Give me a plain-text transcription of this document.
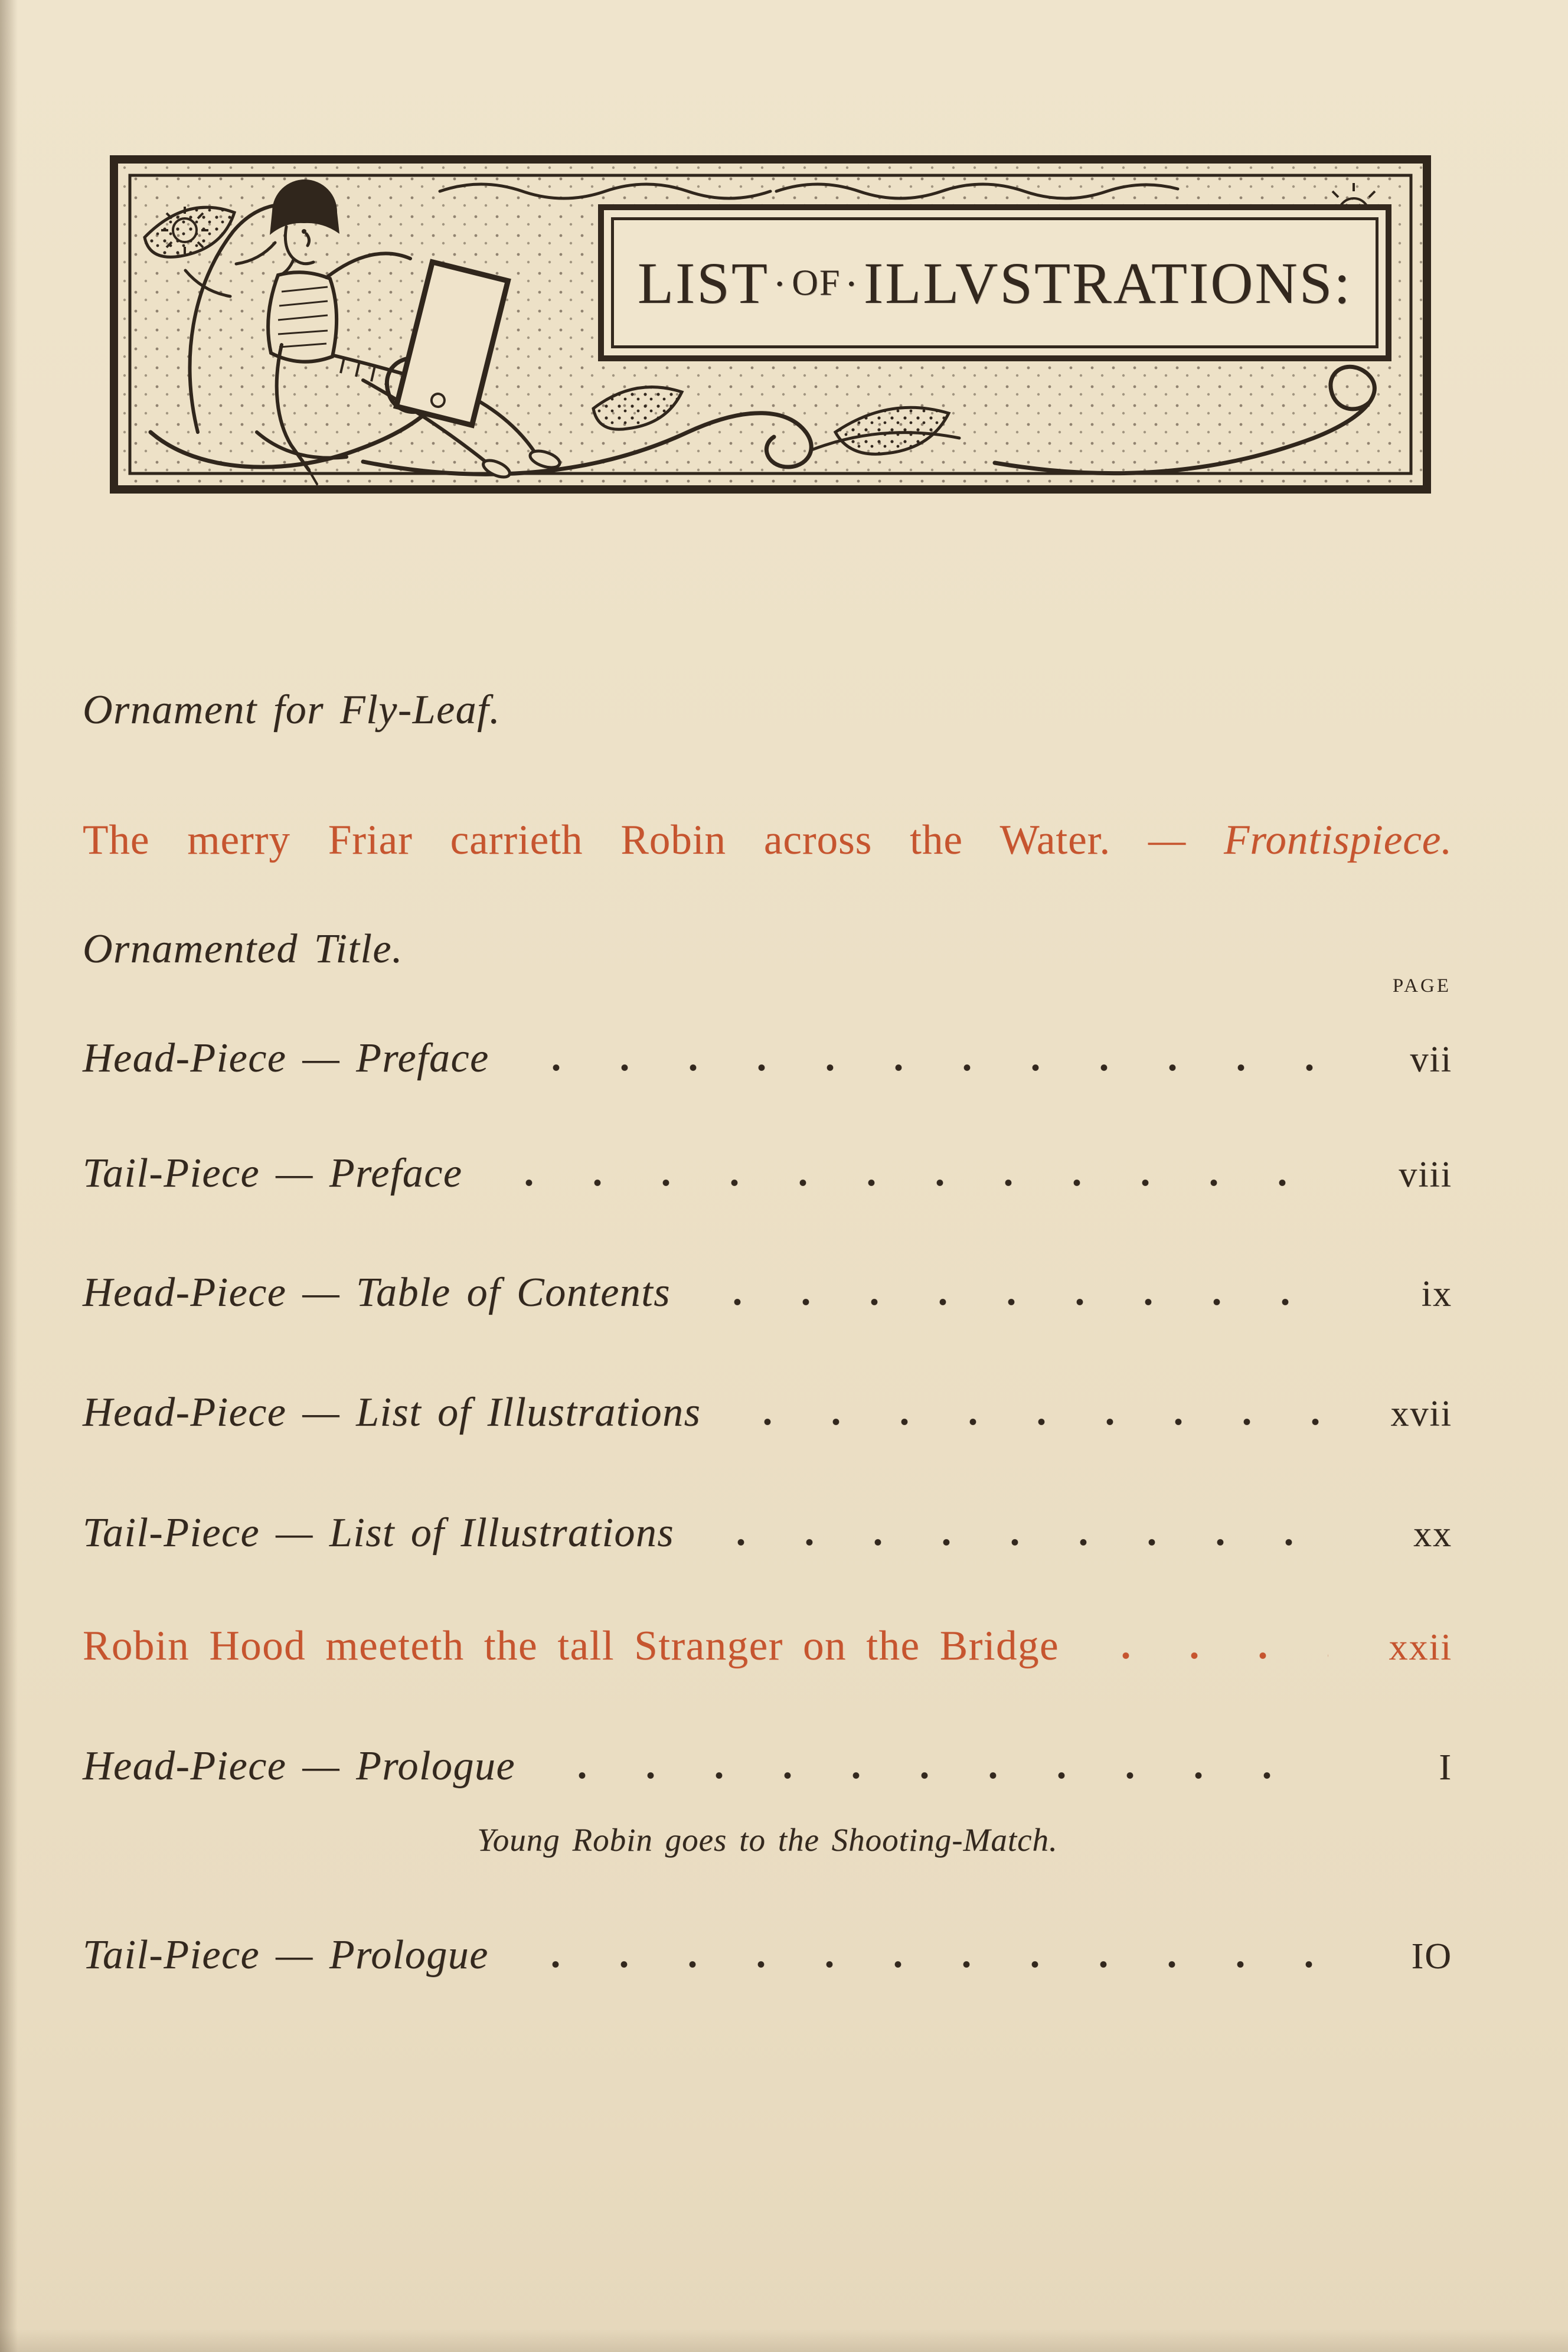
LIST·OF·ILLVSTRATIONS:
Ornament for Fly-Leaf.
The merry Friar carrieth Robin across the Water. — Frontispiece.
Ornamented Title.
PAGE
Head-Piece — Preface	vii
Tail-Piece — Preface	viii
Head-Piece — Table of Contents	ix
Head-Piece — List of Illustrations	xvii
Tail-Piece — List of Illustrations	xx
Robin Hood meeteth the tall Stranger on the Bridge	xxii
Head-Piece — Prologue	I
Young Robin goes to the Shooting-Match.
Tail-Piece — Prologue	IO
